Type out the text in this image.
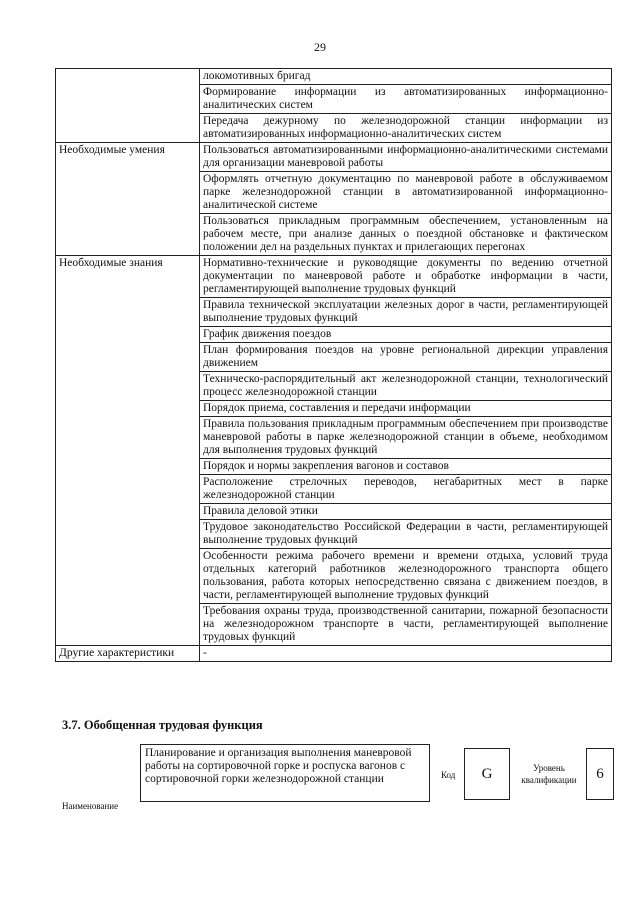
29
	локомотивных бригад
	Формирование информации из автоматизированных информационно-аналитических систем
	Передача дежурному по железнодорожной станции информации из автоматизированных информационно-аналитических систем
Необходимые умения	Пользоваться автоматизированными информационно-аналитическими системами для организации маневровой работы
	Оформлять отчетную документацию по маневровой работе в обслуживаемом парке железнодорожной станции в автоматизированной информационно-аналитической системе
	Пользоваться прикладным программным обеспечением, установленным на рабочем месте, при анализе данных о поездной обстановке и фактическом положении дел на раздельных пунктах и прилегающих перегонах
Необходимые знания	Нормативно-технические и руководящие документы по ведению отчетной документации по маневровой работе и обработке информации в части, регламентирующей выполнение трудовых функций
	Правила технической эксплуатации железных дорог в части, регламентирующей выполнение трудовых функций
	График движения поездов
	План формирования поездов на уровне региональной дирекции управления движением
	Техническо-распорядительный акт железнодорожной станции, технологический процесс железнодорожной станции
	Порядок приема, составления и передачи информации
	Правила пользования прикладным программным обеспечением при производстве маневровой работы в парке железнодорожной станции в объеме, необходимом для выполнения трудовых функций
	Порядок и нормы закрепления вагонов и составов
	Расположение стрелочных переводов, негабаритных мест в парке железнодорожной станции
	Правила деловой этики
	Трудовое законодательство Российской Федерации в части, регламентирующей выполнение трудовых функций
	Особенности режима рабочего времени и времени отдыха, условий труда отдельных категорий работников железнодорожного транспорта общего пользования, работа которых непосредственно связана с движением поездов, в части, регламентирующей выполнение трудовых функций
	Требования охраны труда, производственной санитарии, пожарной безопасности на железнодорожном транспорте в части, регламентирующей выполнение трудовых функций
Другие характеристики	-
3.7. Обобщенная трудовая функция
Наименование
Планирование и организация выполнения маневровой работы на сортировочной горке и роспуска вагонов с сортировочной горки железнодорожной станции	Код	G	Уровень квалификации	6
